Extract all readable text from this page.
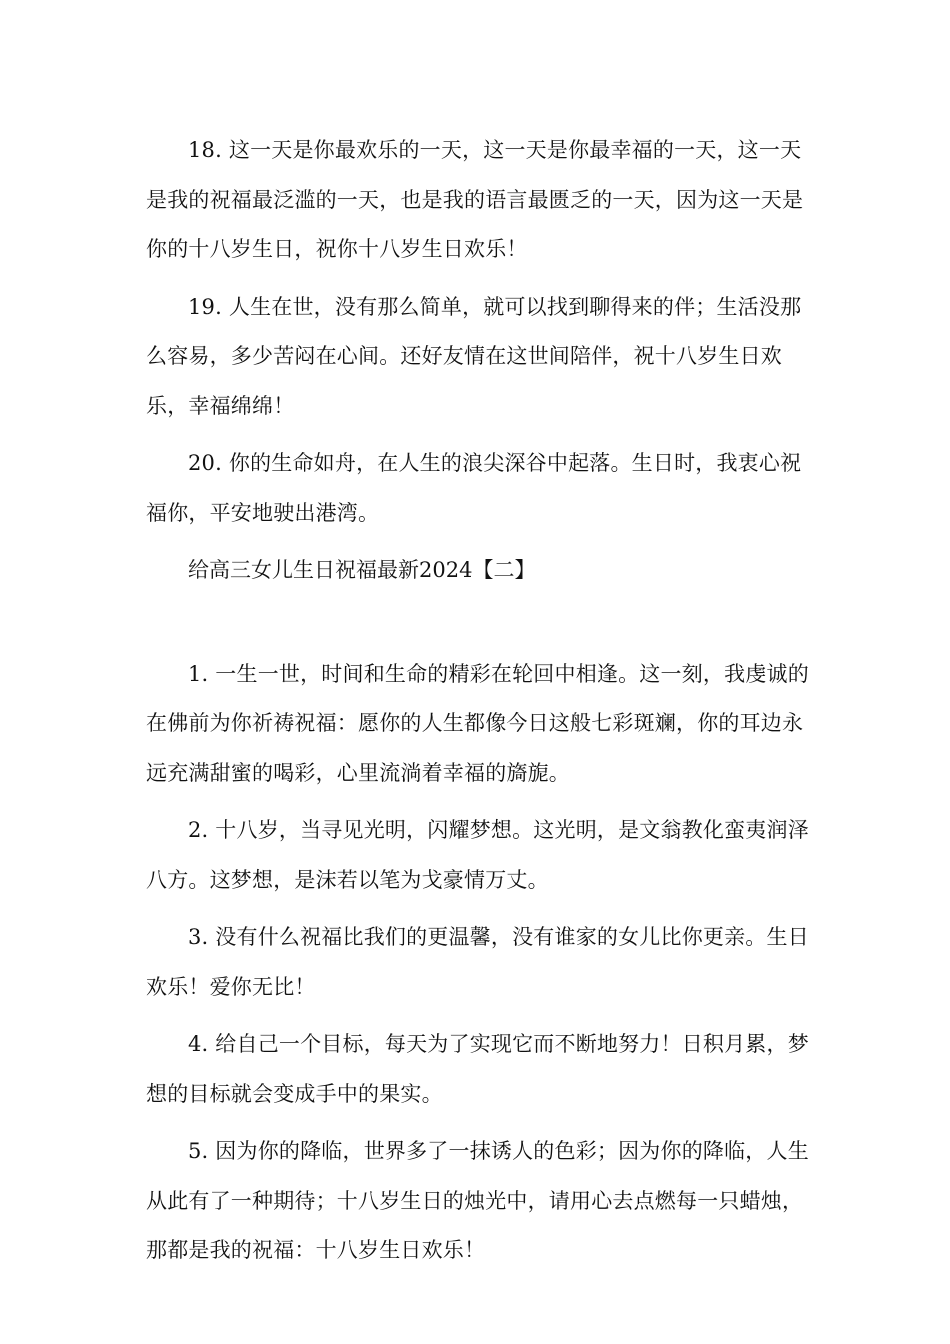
18. 这一天是你最欢乐的一天，这一天是你最幸福的一天，这一天是我的祝福最泛滥的一天，也是我的语言最匮乏的一天，因为这一天是你的十八岁生日，祝你十八岁生日欢乐！

19. 人生在世，没有那么简单，就可以找到聊得来的伴；生活没那么容易，多少苦闷在心间。还好友情在这世间陪伴，祝十八岁生日欢乐，幸福绵绵！

20. 你的生命如舟，在人生的浪尖深谷中起落。生日时，我衷心祝福你，平安地驶出港湾。

给高三女儿生日祝福最新2024【二】

1. 一生一世，时间和生命的精彩在轮回中相逢。这一刻，我虔诚的在佛前为你祈祷祝福：愿你的人生都像今日这般七彩斑斓，你的耳边永远充满甜蜜的喝彩，心里流淌着幸福的旖旎。

2. 十八岁，当寻见光明，闪耀梦想。这光明，是文翁教化蛮夷润泽八方。这梦想，是沫若以笔为戈豪情万丈。

3. 没有什么祝福比我们的更温馨，没有谁家的女儿比你更亲。生日欢乐！爱你无比！

4. 给自己一个目标，每天为了实现它而不断地努力！日积月累，梦想的目标就会变成手中的果实。

5. 因为你的降临，世界多了一抹诱人的色彩；因为你的降临，人生从此有了一种期待；十八岁生日的烛光中，请用心去点燃每一只蜡烛，那都是我的祝福：十八岁生日欢乐！
